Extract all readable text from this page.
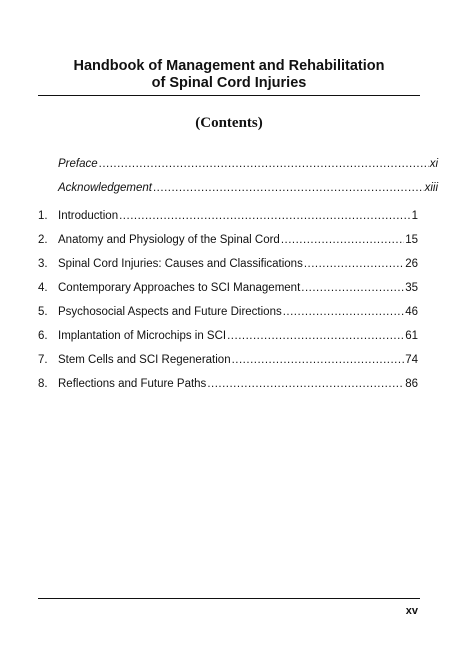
Handbook of Management and Rehabilitation
of Spinal Cord Injuries
(Contents)
Preface .....	xi
Acknowledgement .....	xiii
1. Introduction .....	1
2. Anatomy and Physiology of the Spinal Cord .....	15
3. Spinal Cord Injuries: Causes and Classifications .....	26
4. Contemporary Approaches to SCI Management .....	35
5. Psychosocial Aspects and Future Directions .....	46
6. Implantation of Microchips in SCI .....	61
7. Stem Cells and SCI Regeneration .....	74
8. Reflections and Future Paths .....	86
xv
